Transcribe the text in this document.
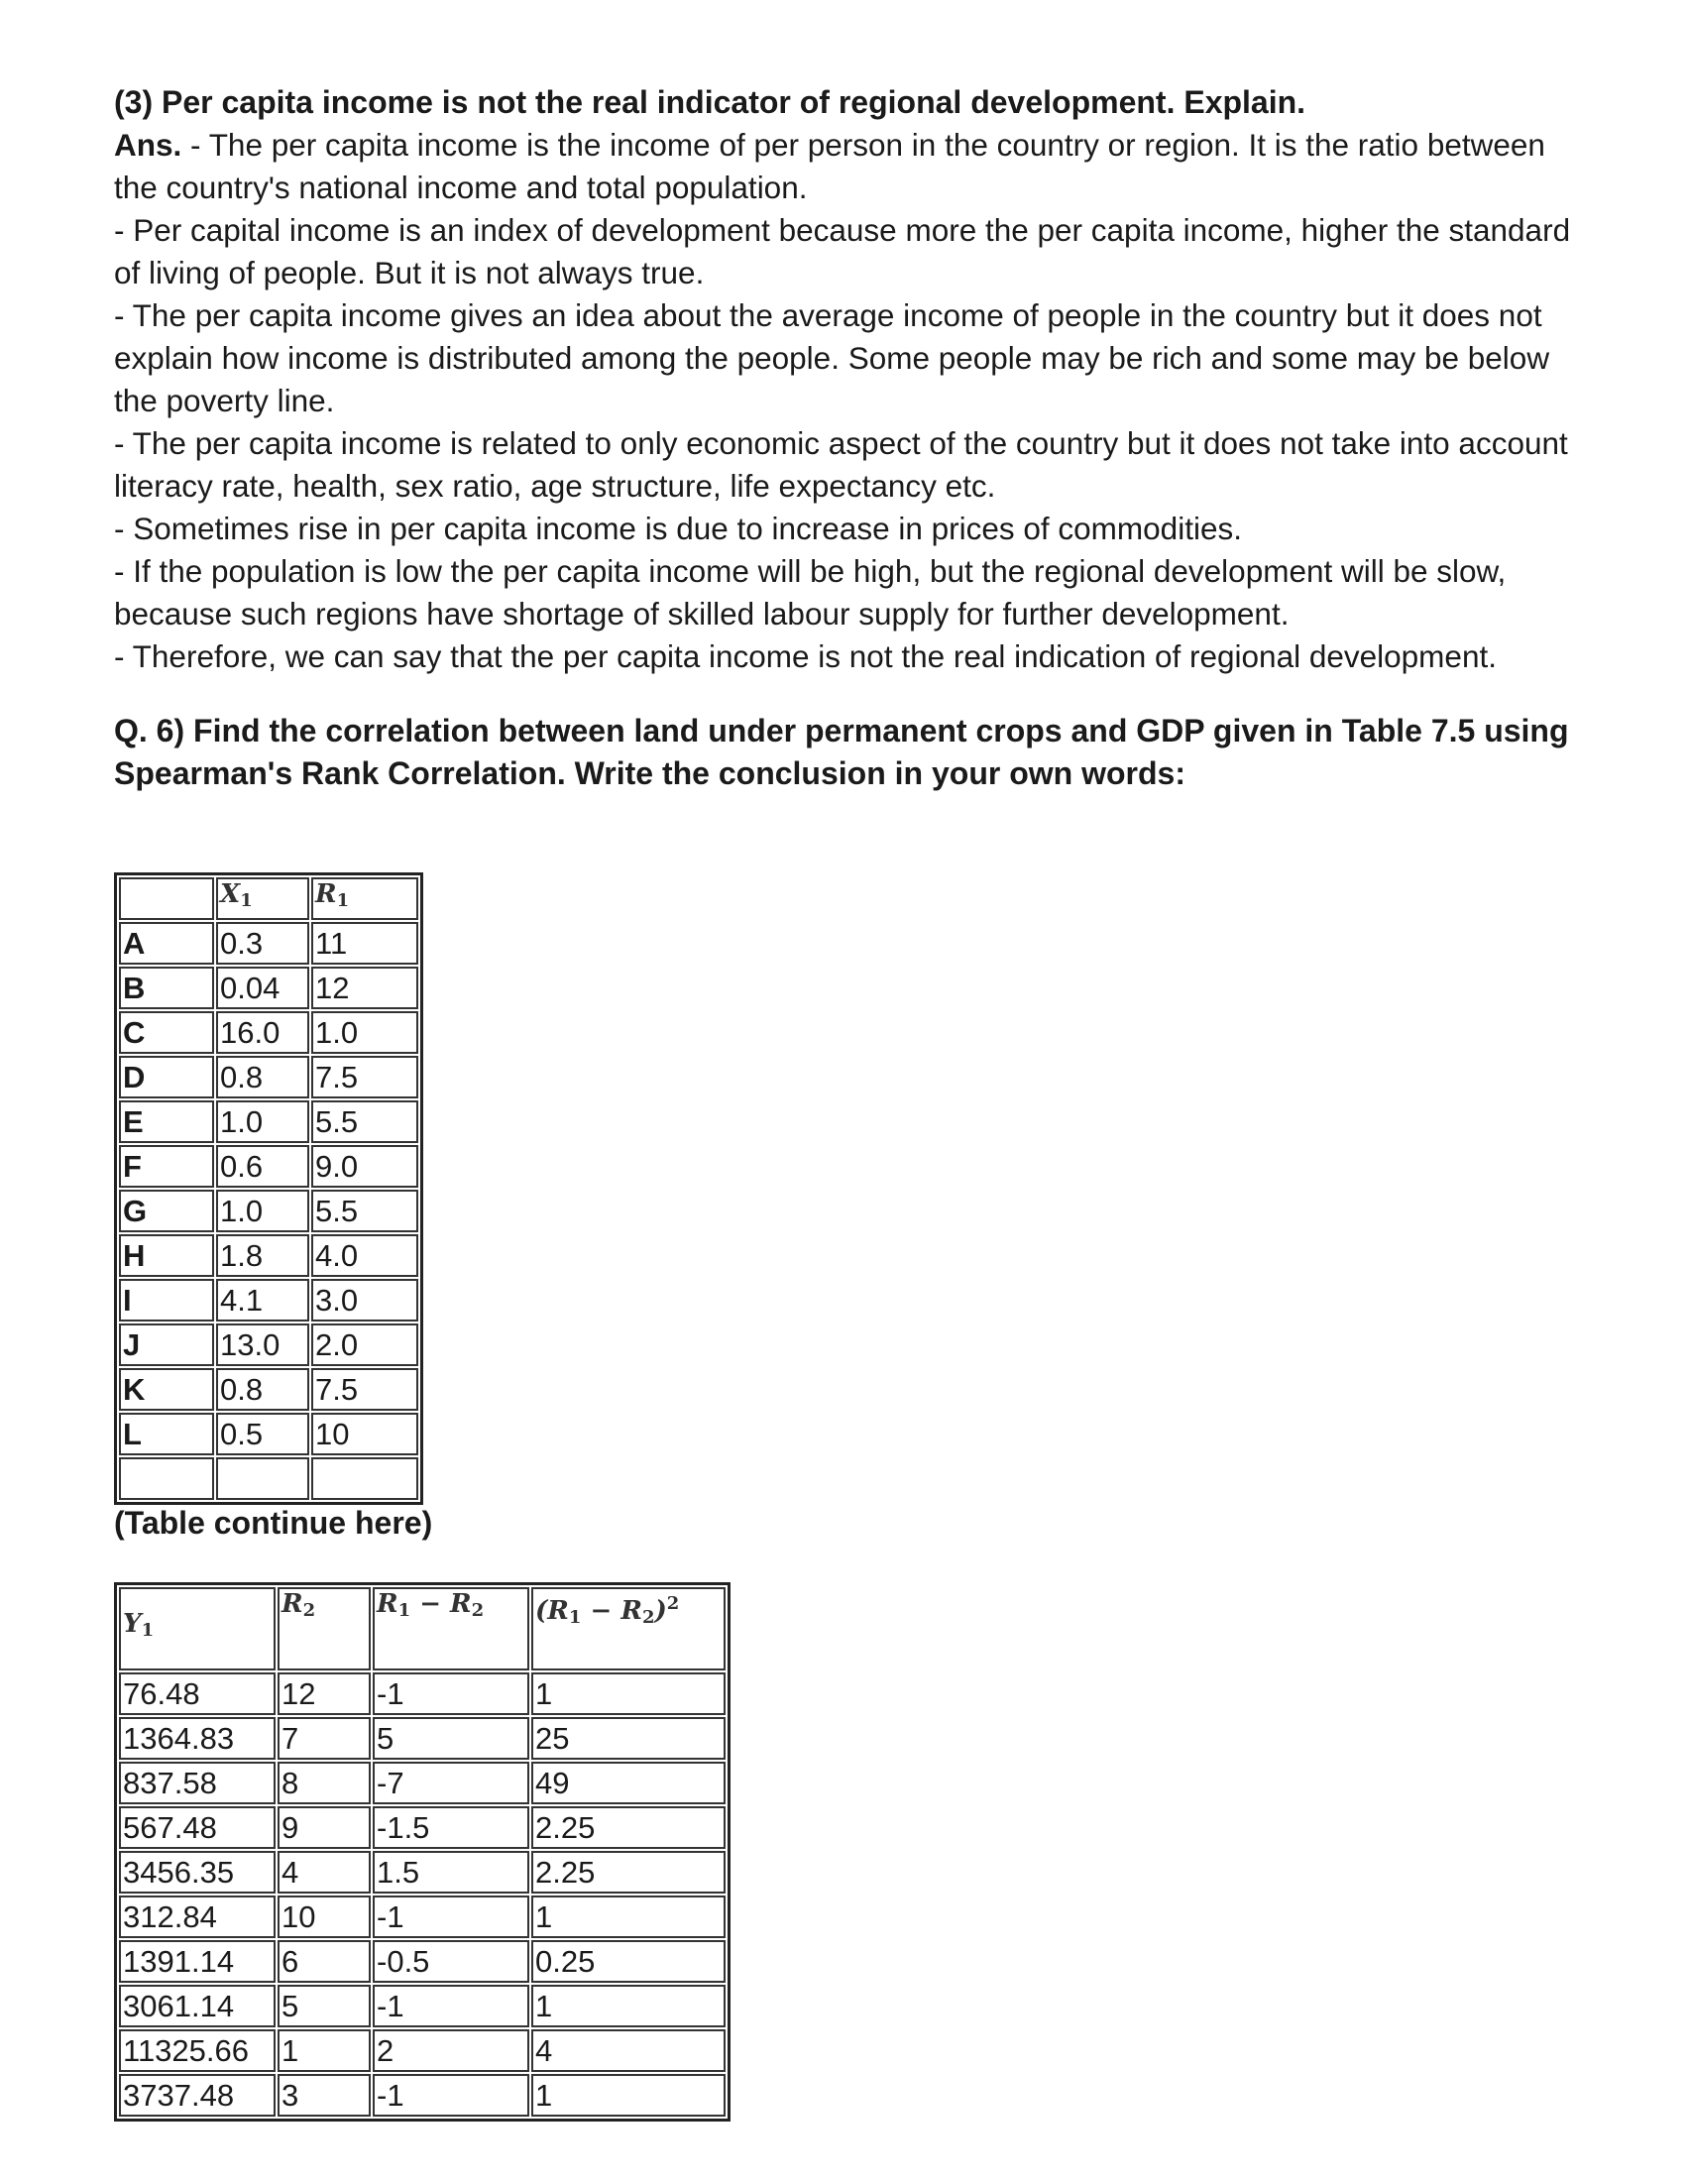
(3) Per capita income is not the real indicator of regional development. Explain.

Ans. - The per capita income is the income of per person in the country or region. It is the ratio between the country's national income and total population.

- Per capital income is an index of development because more the per capita income, higher the standard of living of people. But it is not always true.

- The per capita income gives an idea about the average income of people in the country but it does not explain how income is distributed among the people. Some people may be rich and some may be below the poverty line.

- The per capita income is related to only economic aspect of the country but it does not take into account literacy rate, health, sex ratio, age structure, life expectancy etc.

- Sometimes rise in per capita income is due to increase in prices of commodities.

- If the population is low the per capita income will be high, but the regional development will be slow, because such regions have shortage of skilled labour supply for further development.

- Therefore, we can say that the per capita income is not the real indication of regional development.

Q. 6) Find the correlation between land under permanent crops and GDP given in Table 7.5 using Spearman's Rank Correlation. Write the conclusion in your own words:

	$X_1$	$R_1$
A	0.3	11
B	0.04	12
C	16.0	1.0
D	0.8	7.5
E	1.0	5.5
F	0.6	9.0
G	1.0	5.5
H	1.8	4.0
I	4.1	3.0
J	13.0	2.0
K	0.8	7.5
L	0.5	10

(Table continue here)

$Y_1$	$R_2$	$R_1 - R_2$	$(R_1 - R_2)^2$
76.48	12	-1	1
1364.83	7	5	25
837.58	8	-7	49
567.48	9	-1.5	2.25
3456.35	4	1.5	2.25
312.84	10	-1	1
1391.14	6	-0.5	0.25
3061.14	5	-1	1
11325.66	1	2	4
3737.48	3	-1	1
